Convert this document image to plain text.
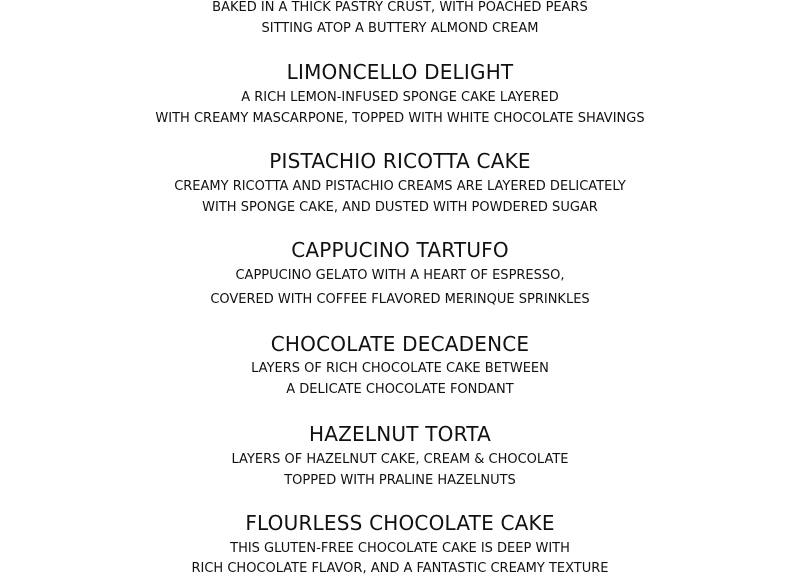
BAKED IN A THICK PASTRY CRUST, WITH POACHED PEARS
SITTING ATOP A BUTTERY ALMOND CREAM
LIMONCELLO DELIGHT
A RICH LEMON-INFUSED SPONGE CAKE LAYERED
WITH CREAMY MASCARPONE, TOPPED WITH WHITE CHOCOLATE SHAVINGS
PISTACHIO RICOTTA CAKE
CREAMY RICOTTA AND PISTACHIO CREAMS ARE LAYERED DELICATELY
WITH SPONGE CAKE, AND DUSTED WITH POWDERED SUGAR
CAPPUCINO TARTUFO
CAPPUCINO GELATO WITH A HEART OF ESPRESSO,
COVERED WITH COFFEE FLAVORED MERINQUE SPRINKLES
CHOCOLATE DECADENCE
LAYERS OF RICH CHOCOLATE CAKE BETWEEN
A DELICATE CHOCOLATE FONDANT
HAZELNUT TORTA
LAYERS OF HAZELNUT CAKE, CREAM & CHOCOLATE
TOPPED WITH PRALINE HAZELNUTS
FLOURLESS CHOCOLATE CAKE
THIS GLUTEN-FREE CHOCOLATE CAKE IS DEEP WITH
RICH CHOCOLATE FLAVOR, AND A FANTASTIC CREAMY TEXTURE
